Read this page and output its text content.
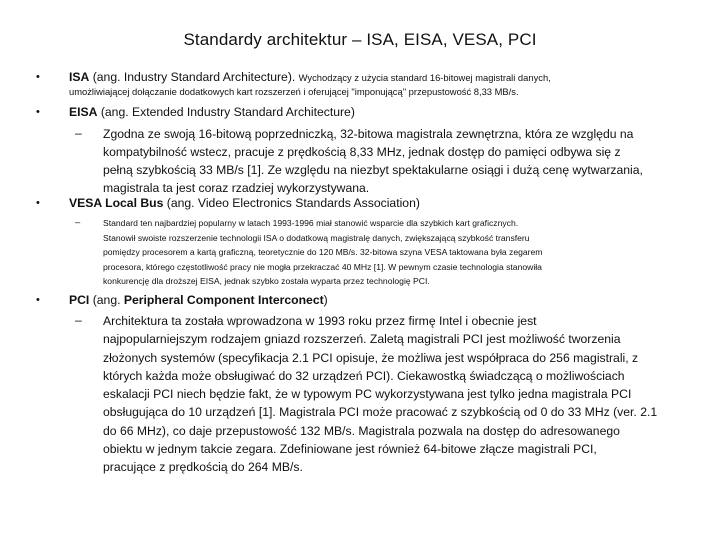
Standardy architektur – ISA, EISA, VESA, PCI
• ISA (ang. Industry Standard Architecture). Wychodzący z użycia standard 16-bitowej magistrali danych,
umożliwiającej dołączanie dodatkowych kart rozszerzeń i oferującej "imponującą" przepustowość 8,33 MB/s.
• EISA (ang. Extended Industry Standard Architecture)
– Zgodna ze swoją 16-bitową poprzedniczką, 32-bitowa magistrala zewnętrzna, która ze względu na
kompatybilność wstecz, pracuje z prędkością 8,33 MHz, jednak dostęp do pamięci odbywa się z
pełną szybkością 33 MB/s [1]. Ze względu na niezbyt spektakularne osiągi i dużą cenę wytwarzania,
magistrala ta jest coraz rzadziej wykorzystywana.
• VESA Local Bus (ang. Video Electronics Standards Association)
–	Standard ten najbardziej popularny w latach 1993-1996 miał stanowić wsparcie dla szybkich kart graficznych.
Stanowił swoiste rozszerzenie technologii ISA o dodatkową magistralę danych, zwiększającą szybkość transferu
pomiędzy procesorem a kartą graficzną, teoretycznie do 120 MB/s. 32-bitowa szyna VESA taktowana była zegarem
procesora, którego częstotliwość pracy nie mogła przekraczać 40 MHz [1]. W pewnym czasie technologia stanowiła
konkurencję dla droższej EISA, jednak szybko została wyparta przez technologię PCI.
• PCI (ang. Peripheral Component Interconect)
– Architektura ta została wprowadzona w 1993 roku przez firmę Intel i obecnie jest
najpopularniejszym rodzajem gniazd rozszerzeń. Zaletą magistrali PCI jest możliwość tworzenia
złożonych systemów (specyfikacja 2.1 PCI opisuje, że możliwa jest współpraca do 256 magistrali, z
których każda może obsługiwać do 32 urządzeń PCI). Ciekawostką świadczącą o możliwościach
eskalacji PCI niech będzie fakt, że w typowym PC wykorzystywana jest tylko jedna magistrala PCI
obsługująca do 10 urządzeń [1]. Magistrala PCI może pracować z szybkością od 0 do 33 MHz (ver. 2.1
do 66 MHz), co daje przepustowość 132 MB/s. Magistrala pozwala na dostęp do adresowanego
obiektu w jednym takcie zegara. Zdefiniowane jest również 64-bitowe złącze magistrali PCI,
pracujące z prędkością do 264 MB/s.
